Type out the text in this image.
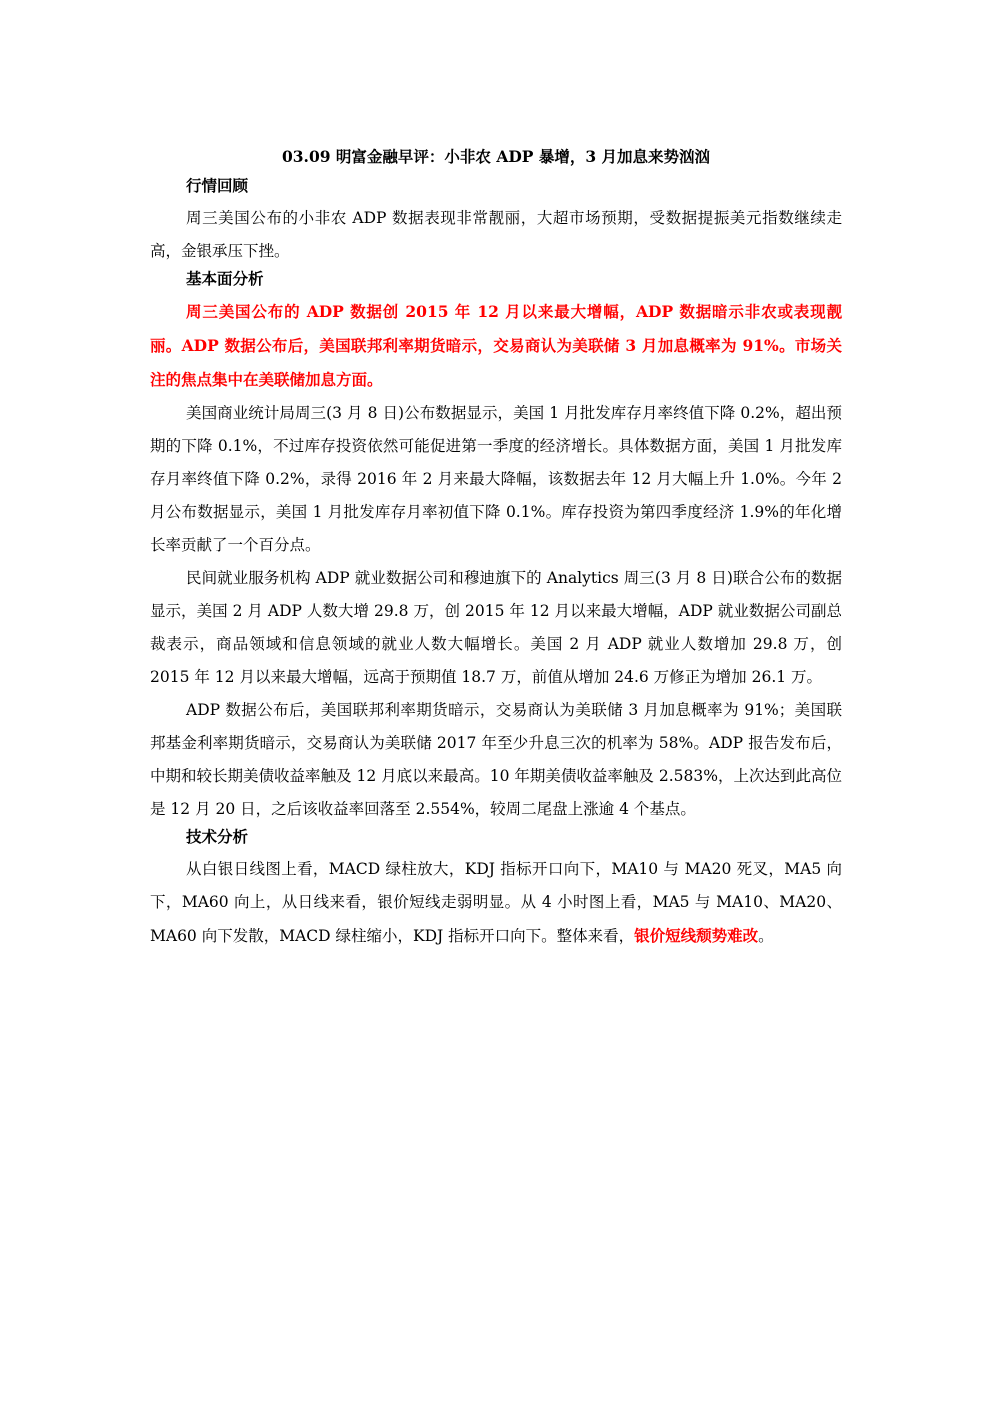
03.09 明富金融早评：小非农 ADP 暴增，3 月加息来势汹汹
行情回顾

周三美国公布的小非农 ADP 数据表现非常靓丽，大超市场预期，受数据提振美元指数继续走高，金银承压下挫。

基本面分析

周三美国公布的 ADP 数据创 2015 年 12 月以来最大增幅，ADP 数据暗示非农或表现靓丽。ADP 数据公布后，美国联邦利率期货暗示，交易商认为美联储 3 月加息概率为 91%。市场关注的焦点集中在美联储加息方面。

美国商业统计局周三(3 月 8 日)公布数据显示，美国 1 月批发库存月率终值下降 0.2%，超出预期的下降 0.1%，不过库存投资依然可能促进第一季度的经济增长。具体数据方面，美国 1 月批发库存月率终值下降 0.2%，录得 2016 年 2 月来最大降幅，该数据去年 12 月大幅上升 1.0%。今年 2 月公布数据显示，美国 1 月批发库存月率初值下降 0.1%。库存投资为第四季度经济 1.9%的年化增长率贡献了一个百分点。

民间就业服务机构 ADP 就业数据公司和穆迪旗下的 Analytics 周三(3 月 8 日)联合公布的数据显示，美国 2 月 ADP 人数大增 29.8 万，创 2015 年 12 月以来最大增幅，ADP 就业数据公司副总裁表示，商品领域和信息领域的就业人数大幅增长。美国 2 月 ADP 就业人数增加 29.8 万，创 2015 年 12 月以来最大增幅，远高于预期值 18.7 万，前值从增加 24.6 万修正为增加 26.1 万。

ADP 数据公布后，美国联邦利率期货暗示，交易商认为美联储 3 月加息概率为 91%；美国联邦基金利率期货暗示，交易商认为美联储 2017 年至少升息三次的机率为 58%。ADP 报告发布后，中期和较长期美债收益率触及 12 月底以来最高。10 年期美债收益率触及 2.583%，上次达到此高位是 12 月 20 日，之后该收益率回落至 2.554%，较周二尾盘上涨逾 4 个基点。

技术分析

从白银日线图上看，MACD 绿柱放大，KDJ 指标开口向下，MA10 与 MA20 死叉，MA5 向下，MA60 向上，从日线来看，银价短线走弱明显。从 4 小时图上看，MA5 与 MA10、MA20、MA60 向下发散，MACD 绿柱缩小，KDJ 指标开口向下。整体来看，银价短线颓势难改。
